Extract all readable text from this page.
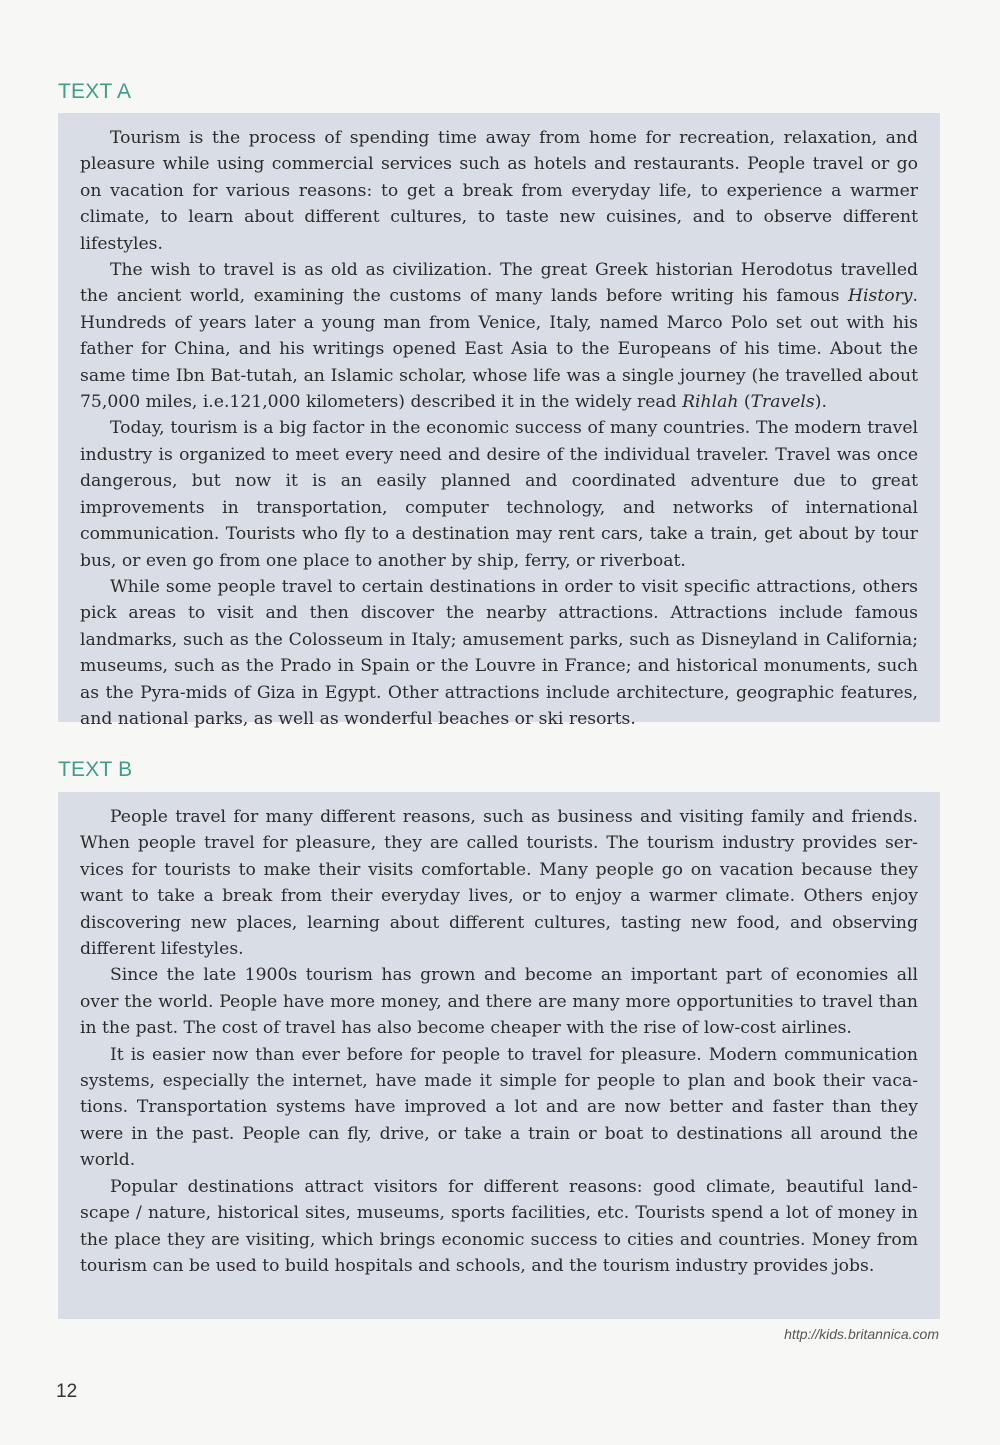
TEXT A

Tourism is the process of spending time away from home for recreation, relaxation, and pleasure while using commercial services such as hotels and restaurants. People travel or go on vacation for various reasons: to get a break from everyday life, to experience a warmer climate, to learn about different cultures, to taste new cuisines, and to observe different lifestyles.

The wish to travel is as old as civilization. The great Greek historian Herodotus travelled the ancient world, examining the customs of many lands before writing his famous History. Hundreds of years later a young man from Venice, Italy, named Marco Polo set out with his father for China, and his writings opened East Asia to the Europeans of his time. About the same time Ibn Bat-tutah, an Islamic scholar, whose life was a single journey (he travelled about 75,000 miles, i.e.121,000 kilometers) described it in the widely read Rihlah (Travels).

Today, tourism is a big factor in the economic success of many countries. The modern travel industry is organized to meet every need and desire of the individual traveler. Travel was once dangerous, but now it is an easily planned and coordinated adventure due to great improvements in transportation, computer technology, and networks of international communication. Tourists who fly to a destination may rent cars, take a train, get about by tour bus, or even go from one place to another by ship, ferry, or riverboat.

While some people travel to certain destinations in order to visit specific attractions, others pick areas to visit and then discover the nearby attractions. Attractions include famous landmarks, such as the Colosseum in Italy; amusement parks, such as Disneyland in California; museums, such as the Prado in Spain or the Louvre in France; and historical monuments, such as the Pyra-mids of Giza in Egypt. Other attractions include architecture, geographic features, and national parks, as well as wonderful beaches or ski resorts.

TEXT B

People travel for many different reasons, such as business and visiting family and friends. When people travel for pleasure, they are called tourists. The tourism industry provides ser-vices for tourists to make their visits comfortable. Many people go on vacation because they want to take a break from their everyday lives, or to enjoy a warmer climate. Others enjoy discovering new places, learning about different cultures, tasting new food, and observing different lifestyles.

Since the late 1900s tourism has grown and become an important part of economies all over the world. People have more money, and there are many more opportunities to travel than in the past. The cost of travel has also become cheaper with the rise of low-cost airlines.

It is easier now than ever before for people to travel for pleasure. Modern communication systems, especially the internet, have made it simple for people to plan and book their vaca-tions. Transportation systems have improved a lot and are now better and faster than they were in the past. People can fly, drive, or take a train or boat to destinations all around the world.

Popular destinations attract visitors for different reasons: good climate, beautiful land-scape / nature, historical sites, museums, sports facilities, etc. Tourists spend a lot of money in the place they are visiting, which brings economic success to cities and countries. Money from tourism can be used to build hospitals and schools, and the tourism industry provides jobs.

http://kids.britannica.com
12
